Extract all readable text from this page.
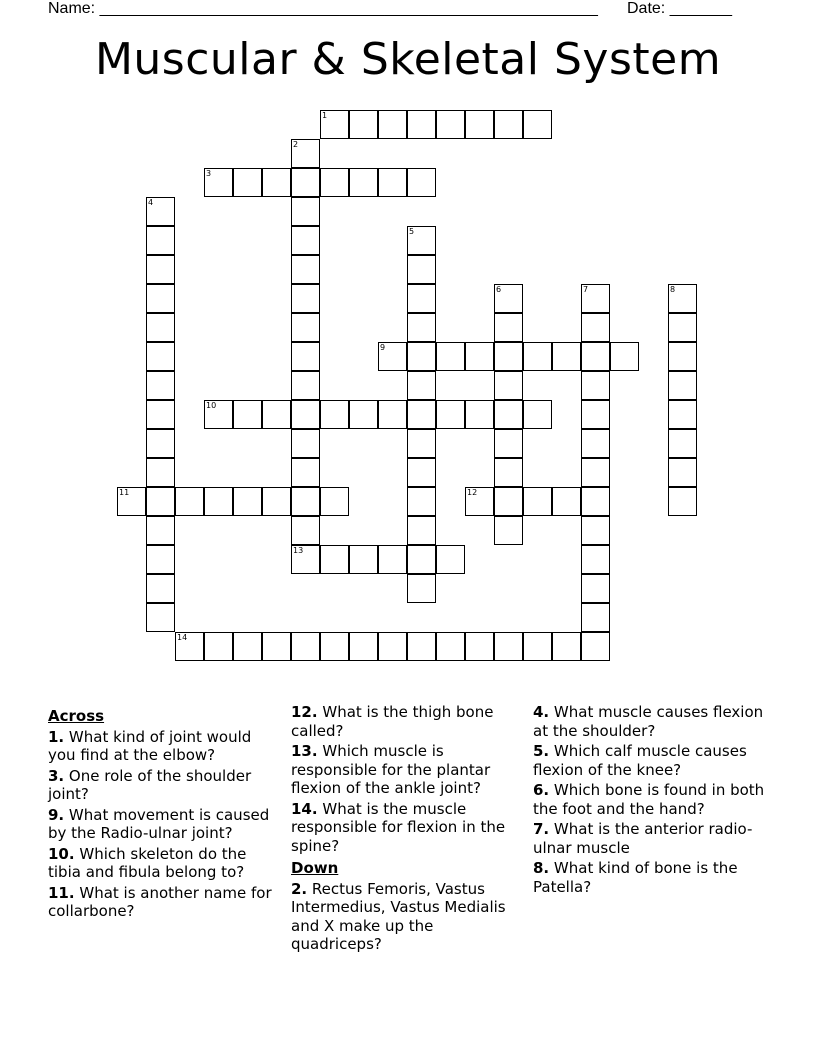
Name: ________________________________________________________ Date: _______
Muscular & Skeletal System
1
2
3
4
5
6	7	8
9
10
11	12
13
14
Across
1. What kind of joint would you find at the elbow?
3. One role of the shoulder joint?
9. What movement is caused by the Radio-ulnar joint?
10. Which skeleton do the tibia and fibula belong to?
11. What is another name for collarbone?
12. What is the thigh bone called?
13. Which muscle is responsible for the plantar flexion of the ankle joint?
14. What is the muscle responsible for flexion in the spine?
Down
2. Rectus Femoris, Vastus Intermedius, Vastus Medialis and X make up the quadriceps?
4. What muscle causes flexion at the shoulder?
5. Which calf muscle causes flexion of the knee?
6. Which bone is found in both the foot and the hand?
7. What is the anterior radio-ulnar muscle
8. What kind of bone is the Patella?
